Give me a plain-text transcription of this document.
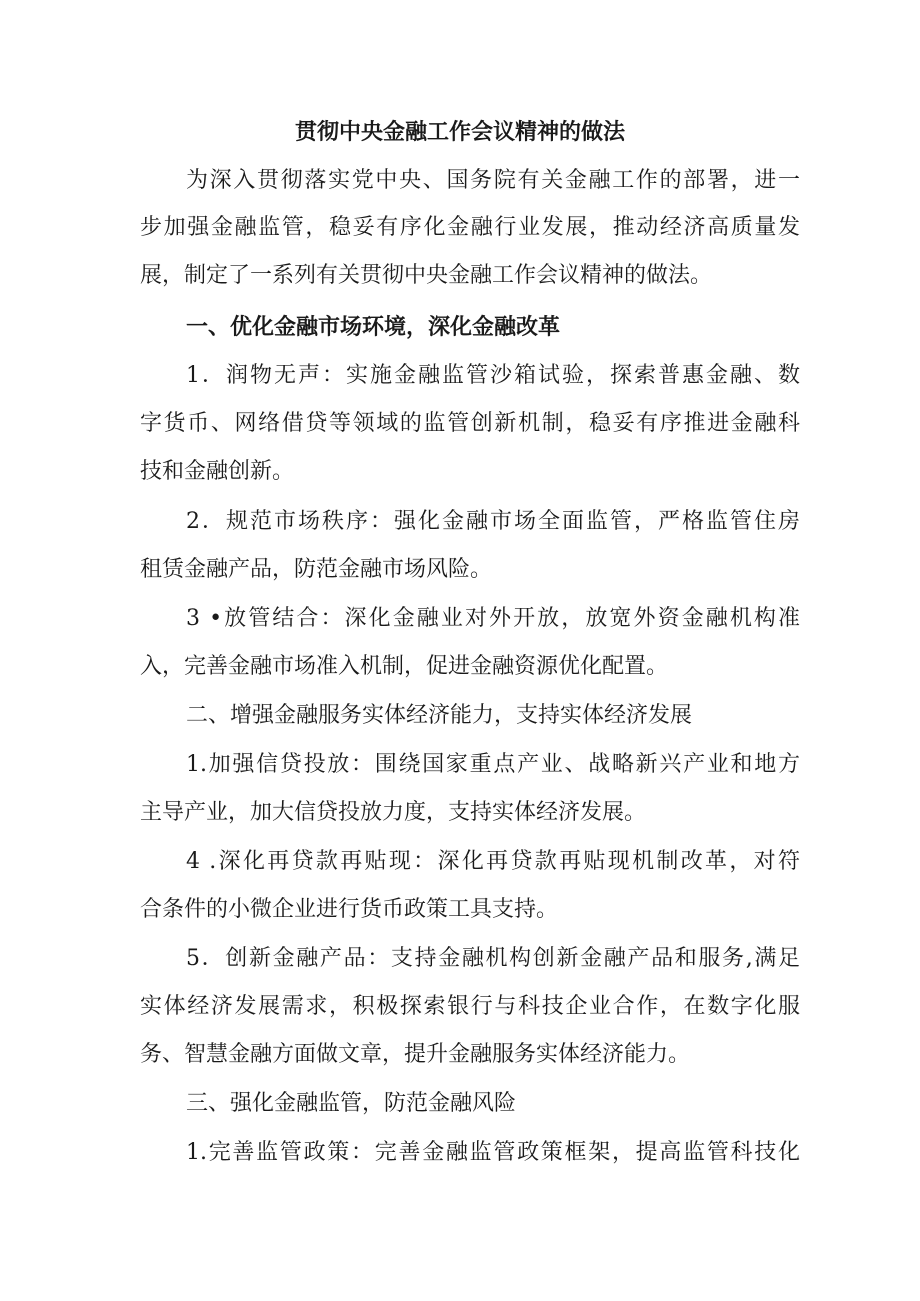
贯彻中央金融工作会议精神的做法
为深入贯彻落实党中央、国务院有关金融工作的部署，进一
步加强金融监管，稳妥有序化金融行业发展，推动经济高质量发
展，制定了一系列有关贯彻中央金融工作会议精神的做法。
一、优化金融市场环境，深化金融改革
1．润物无声：实施金融监管沙箱试验，探索普惠金融、数
字货币、网络借贷等领域的监管创新机制，稳妥有序推进金融科
技和金融创新。
2．规范市场秩序：强化金融市场全面监管，严格监管住房
租赁金融产品，防范金融市场风险。
3 •放管结合：深化金融业对外开放，放宽外资金融机构准
入，完善金融市场准入机制，促进金融资源优化配置。
二、增强金融服务实体经济能力，支持实体经济发展
1.加强信贷投放：围绕国家重点产业、战略新兴产业和地方
主导产业，加大信贷投放力度，支持实体经济发展。
4 .深化再贷款再贴现：深化再贷款再贴现机制改革，对符
合条件的小微企业进行货币政策工具支持。
5．创新金融产品：支持金融机构创新金融产品和服务,满足
实体经济发展需求，积极探索银行与科技企业合作，在数字化服
务、智慧金融方面做文章，提升金融服务实体经济能力。
三、强化金融监管，防范金融风险
1.完善监管政策：完善金融监管政策框架，提高监管科技化
